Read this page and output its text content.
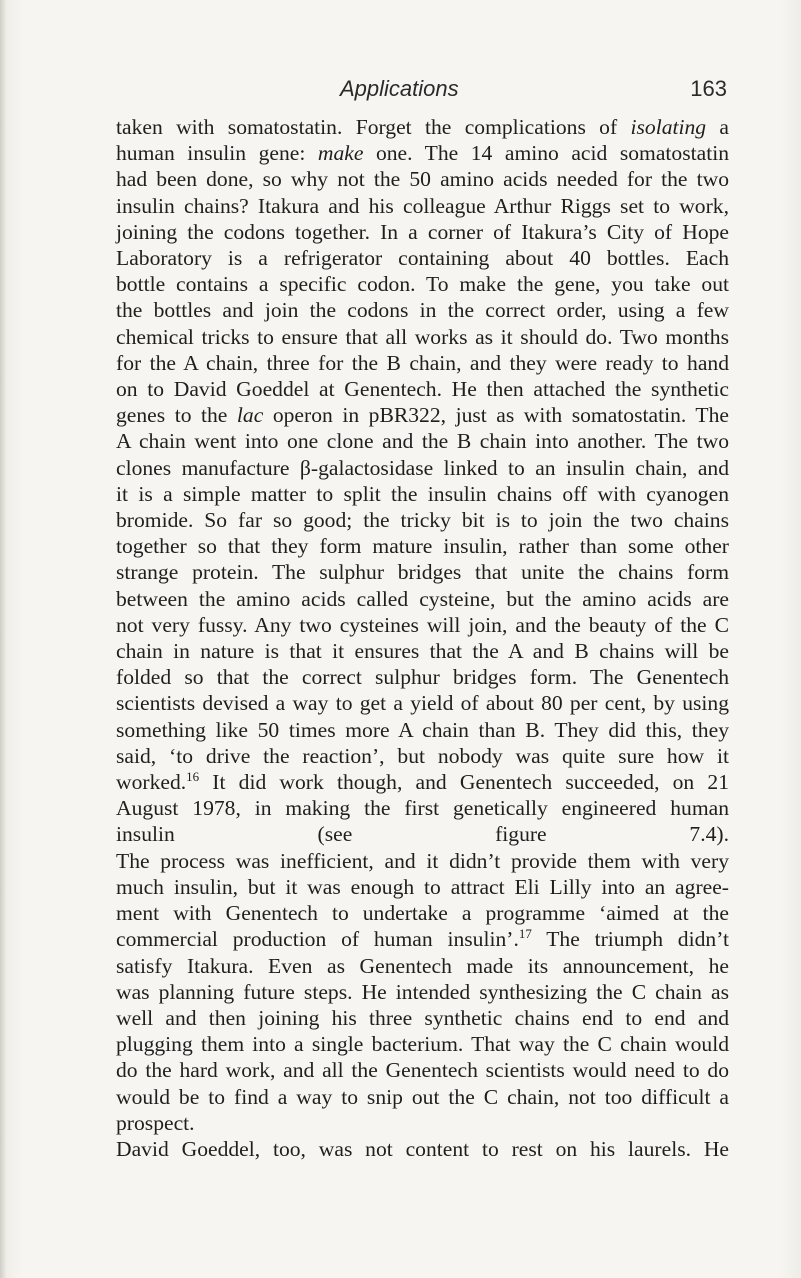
Applications	163
taken with somatostatin. Forget the complications of isolating a
human insulin gene: make one. The 14 amino acid somatostatin
had been done, so why not the 50 amino acids needed for the two
insulin chains? Itakura and his colleague Arthur Riggs set to work,
joining the codons together. In a corner of Itakura’s City of Hope
Laboratory is a refrigerator containing about 40 bottles. Each
bottle contains a specific codon. To make the gene, you take out
the bottles and join the codons in the correct order, using a few
chemical tricks to ensure that all works as it should do. Two months
for the A chain, three for the B chain, and they were ready to hand
on to David Goeddel at Genentech. He then attached the synthetic
genes to the lac operon in pBR322, just as with somatostatin. The
A chain went into one clone and the B chain into another. The two
clones manufacture β-galactosidase linked to an insulin chain, and
it is a simple matter to split the insulin chains off with cyanogen
bromide. So far so good; the tricky bit is to join the two chains
together so that they form mature insulin, rather than some other
strange protein. The sulphur bridges that unite the chains form
between the amino acids called cysteine, but the amino acids are
not very fussy. Any two cysteines will join, and the beauty of the C
chain in nature is that it ensures that the A and B chains will be
folded so that the correct sulphur bridges form. The Genentech
scientists devised a way to get a yield of about 80 per cent, by using
something like 50 times more A chain than B. They did this, they
said, ‘to drive the reaction’, but nobody was quite sure how it
worked.$^{16}$ It did work though, and Genentech succeeded, on 21
August 1978, in making the first genetically engineered human
insulin (see figure 7.4).
The process was inefficient, and it didn’t provide them with very
much insulin, but it was enough to attract Eli Lilly into an agree-
ment with Genentech to undertake a programme ‘aimed at the
commercial production of human insulin’.$^{17}$ The triumph didn’t
satisfy Itakura. Even as Genentech made its announcement, he
was planning future steps. He intended synthesizing the C chain as
well and then joining his three synthetic chains end to end and
plugging them into a single bacterium. That way the C chain would
do the hard work, and all the Genentech scientists would need to do
would be to find a way to snip out the C chain, not too difficult a
prospect.
David Goeddel, too, was not content to rest on his laurels. He
